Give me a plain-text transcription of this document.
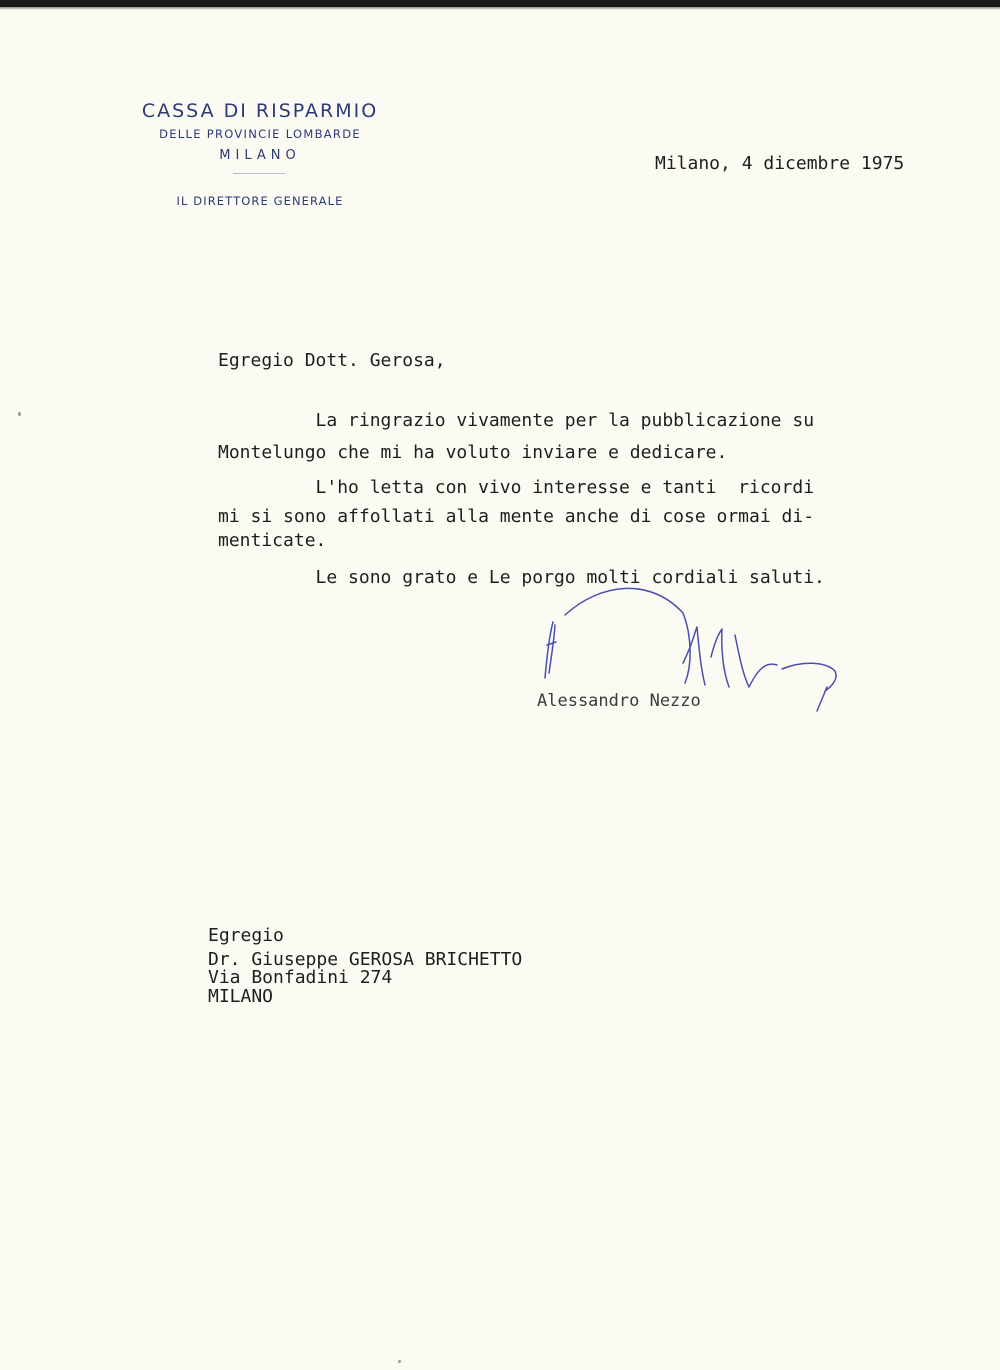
CASSA DI RISPARMIO
DELLE PROVINCIE LOMBARDE
MILANO
IL DIRETTORE GENERALE
Milano, 4 dicembre 1975
Egregio Dott. Gerosa,
La ringrazio vivamente per la pubblicazione su
Montelungo che mi ha voluto inviare e dedicare.
L'ho letta con vivo interesse e tanti  ricordi
mi si sono affollati alla mente anche di cose ormai di-
menticate.
Le sono grato e Le porgo molti cordiali saluti.
Alessandro Nezzo
Egregio
Dr. Giuseppe GEROSA BRICHETTO
Via Bonfadini 274
MILANO
